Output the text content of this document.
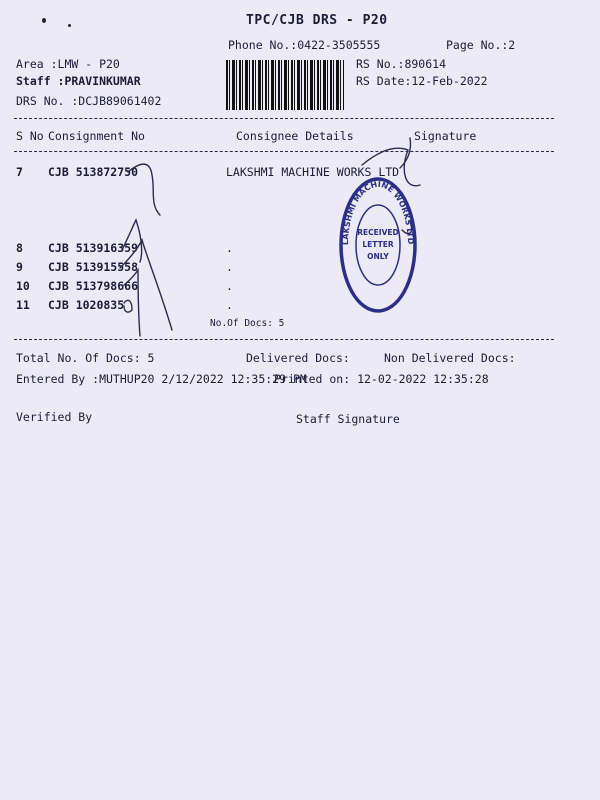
TPC/CJB DRS - P20
Phone No.:0422-3505555	Page No.:2
Area :LMW - P20
Staff :PRAVINKUMAR
DRS No. :DCJB89061402
RS No.:890614
RS Date:12-Feb-2022
S No Consignment No	Consignee Details	Signature
7 CJB 513872750	LAKSHMI MACHINE WORKS LTD
8 CJB 513916359	.
9 CJB 513915558	.
10 CJB 513798666	.
11 CJB 1020835	.
No.Of Docs: 5
LAKSHMI MACHINE WORKS LTD
RECEIVED
LETTER
ONLY
Total No. Of Docs: 5	Delivered Docs:	Non Delivered Docs:
Entered By :MUTHUP20 2/12/2022 12:35:29 PM
Printed on: 12-02-2022 12:35:28
Verified By	Staff Signature
